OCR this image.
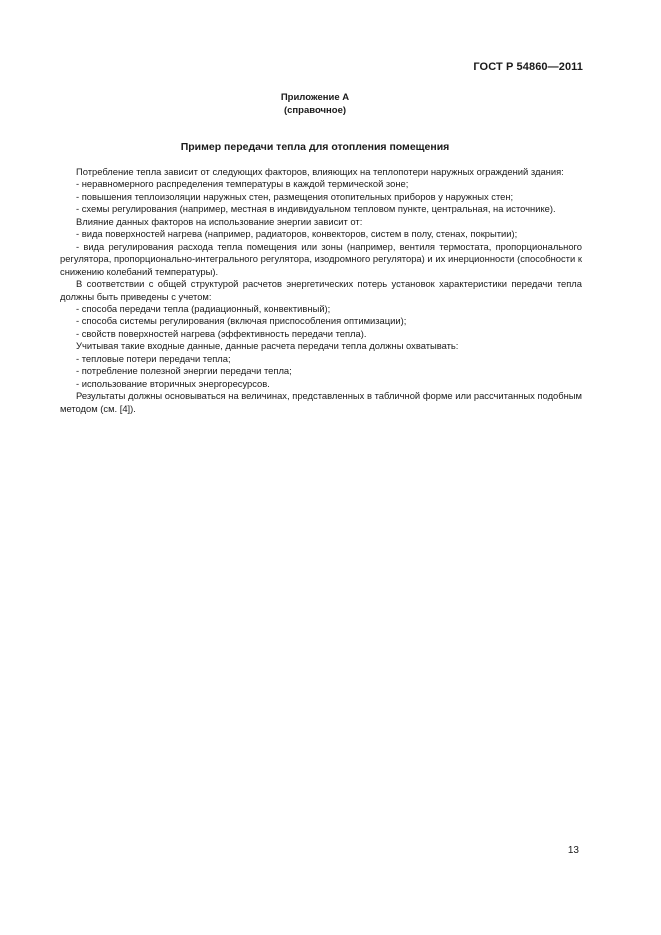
ГОСТ Р 54860—2011
Приложение А
(справочное)
Пример передачи тепла для отопления помещения

Потребление тепла зависит от следующих факторов, влияющих на теплопотери наружных ограждений здания:

- неравномерного распределения температуры в каждой термической зоне;

- повышения теплоизоляции наружных стен, размещения отопительных приборов у наружных стен;

- схемы регулирования (например, местная в индивидуальном тепловом пункте, центральная, на источнике).

Влияние данных факторов на использование энергии зависит от:

- вида поверхностей нагрева (например, радиаторов, конвекторов, систем в полу, стенах, покрытии);

- вида регулирования расхода тепла помещения или зоны (например, вентиля термостата, пропорционального регулятора, пропорционально-интегрального регулятора, изодромного регулятора) и их инерционности (способности к снижению колебаний температуры).

В соответствии с общей структурой расчетов энергетических потерь установок характеристики передачи тепла должны быть приведены с учетом:

- способа передачи тепла (радиационный, конвективный);

- способа системы регулирования (включая приспособления оптимизации);

- свойств поверхностей нагрева (эффективность передачи тепла).

Учитывая такие входные данные, данные расчета передачи тепла должны охватывать:

- тепловые потери передачи тепла;

- потребление полезной энергии передачи тепла;

- использование вторичных энергоресурсов.

Результаты должны основываться на величинах, представленных в табличной форме или рассчитанных подобным методом (см. [4]).

13
